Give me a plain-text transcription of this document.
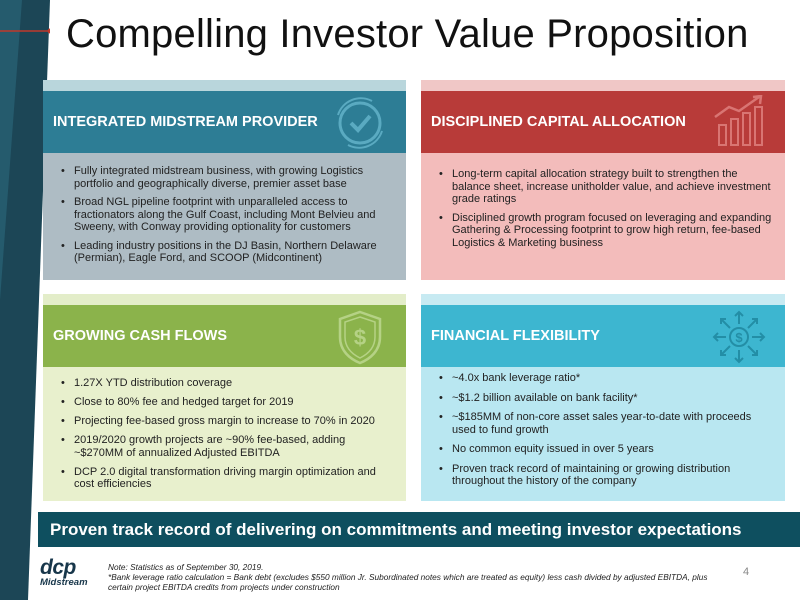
Compelling Investor Value Proposition
INTEGRATED MIDSTREAM PROVIDER
• Fully integrated midstream business, with growing Logistics portfolio and geographically diverse, premier asset base
• Broad NGL pipeline footprint with unparalleled access to fractionators along the Gulf Coast, including Mont Belvieu and Sweeny, with Conway providing optionality for customers
• Leading industry positions in the DJ Basin, Northern Delaware (Permian), Eagle Ford, and SCOOP (Midcontinent)
DISCIPLINED CAPITAL ALLOCATION
• Long-term capital allocation strategy built to strengthen the balance sheet, increase unitholder value, and achieve investment grade ratings
• Disciplined growth program focused on leveraging and expanding Gathering & Processing footprint to grow high return, fee-based Logistics & Marketing business
GROWING CASH FLOWS	$
• 1.27X YTD distribution coverage
• Close to 80% fee and hedged target for 2019
• Projecting fee-based gross margin to increase to 70% in 2020
• 2019/2020 growth projects are ~90% fee-based, adding ~$270MM of annualized Adjusted EBITDA
• DCP 2.0 digital transformation driving margin optimization and cost efficiencies
FINANCIAL FLEXIBILITY	$
• ~4.0x bank leverage ratio*
• ~$1.2 billion available on bank facility*
• ~$185MM of non-core asset sales year-to-date with proceeds used to fund growth
• No common equity issued in over 5 years
• Proven track record of maintaining or growing distribution throughout the history of the company
Proven track record of delivering on commitments and meeting investor expectations
dcp
Midstream
Note: Statistics as of September 30, 2019.
*Bank leverage ratio calculation = Bank debt (excludes $550 million Jr. Subordinated notes which are treated as equity) less cash divided by adjusted EBITDA, plus certain project EBITDA credits from projects under construction
4
